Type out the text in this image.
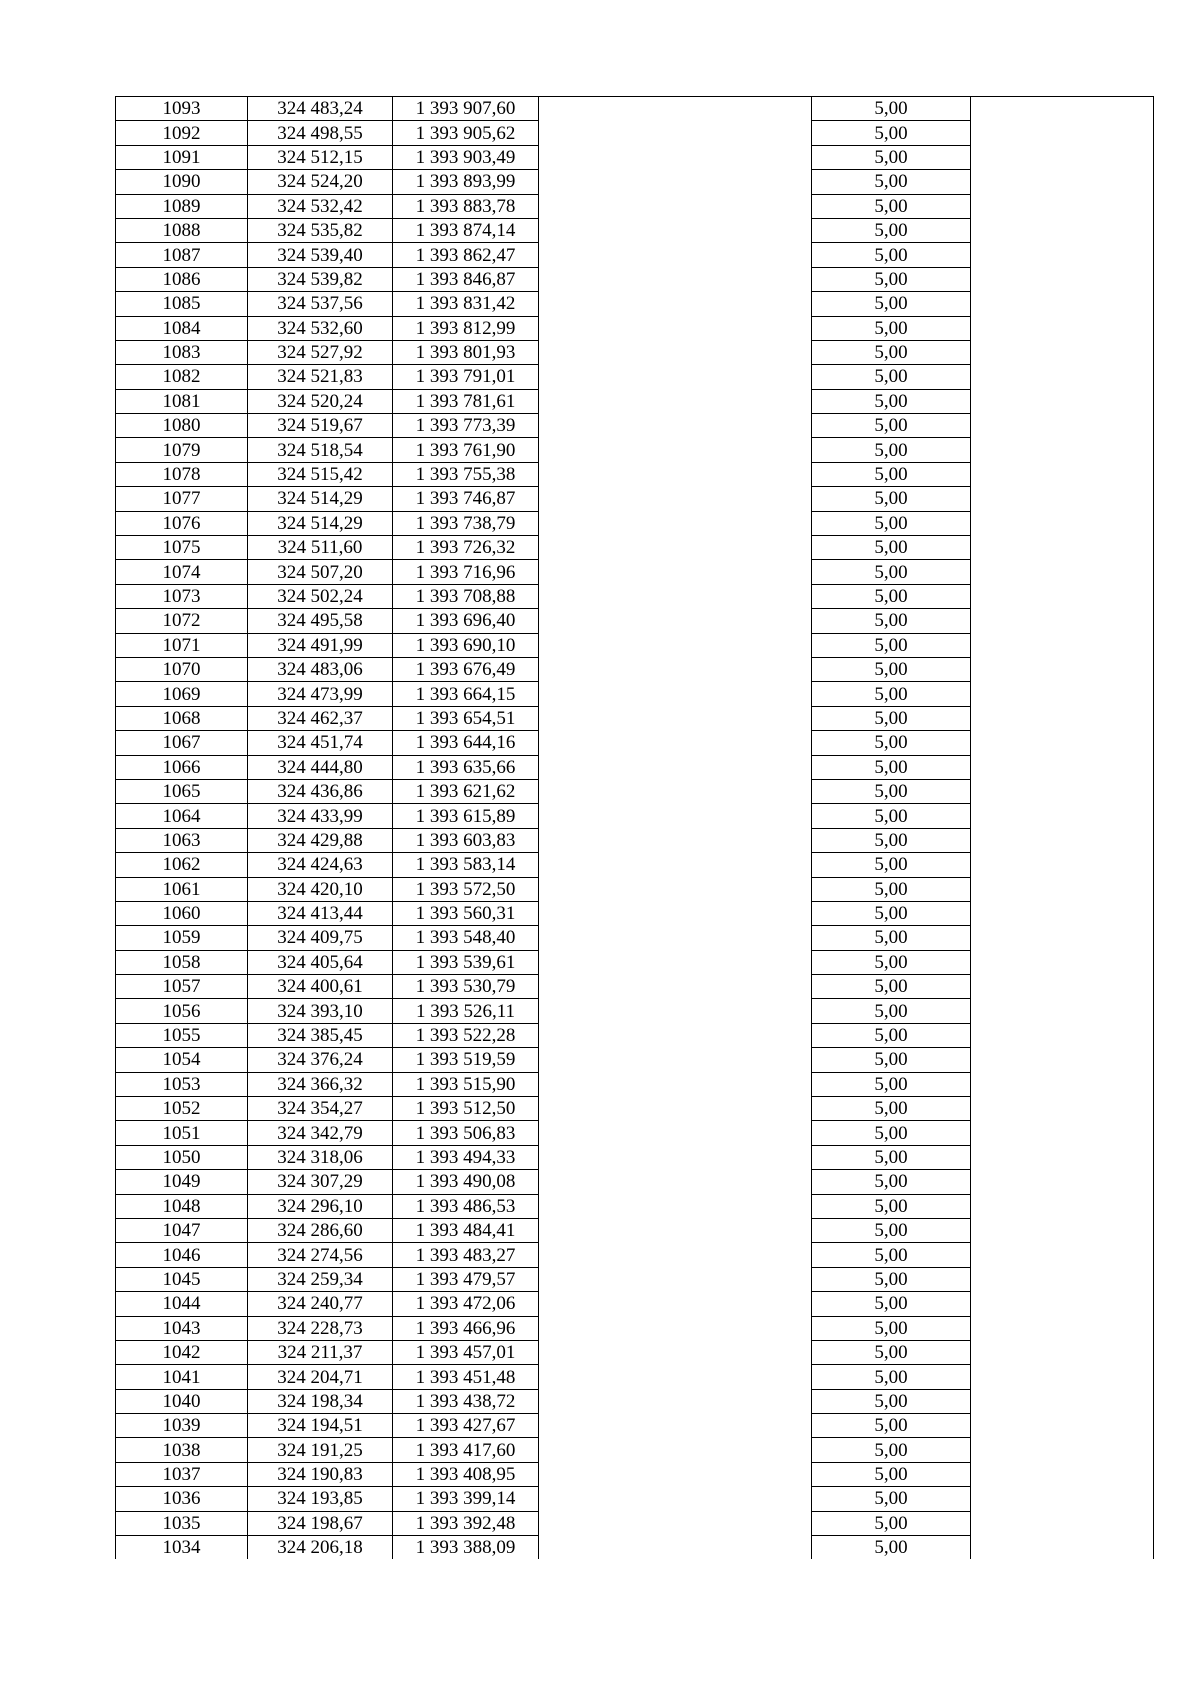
1093	324 483,24	1 393 907,60		5,00	
1092	324 498,55	1 393 905,62		5,00	
1091	324 512,15	1 393 903,49		5,00	
1090	324 524,20	1 393 893,99		5,00	
1089	324 532,42	1 393 883,78		5,00	
1088	324 535,82	1 393 874,14		5,00	
1087	324 539,40	1 393 862,47		5,00	
1086	324 539,82	1 393 846,87		5,00	
1085	324 537,56	1 393 831,42		5,00	
1084	324 532,60	1 393 812,99		5,00	
1083	324 527,92	1 393 801,93		5,00	
1082	324 521,83	1 393 791,01		5,00	
1081	324 520,24	1 393 781,61		5,00	
1080	324 519,67	1 393 773,39		5,00	
1079	324 518,54	1 393 761,90		5,00	
1078	324 515,42	1 393 755,38		5,00	
1077	324 514,29	1 393 746,87		5,00	
1076	324 514,29	1 393 738,79		5,00	
1075	324 511,60	1 393 726,32		5,00	
1074	324 507,20	1 393 716,96		5,00	
1073	324 502,24	1 393 708,88		5,00	
1072	324 495,58	1 393 696,40		5,00	
1071	324 491,99	1 393 690,10		5,00	
1070	324 483,06	1 393 676,49		5,00	
1069	324 473,99	1 393 664,15		5,00	
1068	324 462,37	1 393 654,51		5,00	
1067	324 451,74	1 393 644,16		5,00	
1066	324 444,80	1 393 635,66		5,00	
1065	324 436,86	1 393 621,62		5,00	
1064	324 433,99	1 393 615,89		5,00	
1063	324 429,88	1 393 603,83		5,00	
1062	324 424,63	1 393 583,14		5,00	
1061	324 420,10	1 393 572,50		5,00	
1060	324 413,44	1 393 560,31		5,00	
1059	324 409,75	1 393 548,40		5,00	
1058	324 405,64	1 393 539,61		5,00	
1057	324 400,61	1 393 530,79		5,00	
1056	324 393,10	1 393 526,11		5,00	
1055	324 385,45	1 393 522,28		5,00	
1054	324 376,24	1 393 519,59		5,00	
1053	324 366,32	1 393 515,90		5,00	
1052	324 354,27	1 393 512,50		5,00	
1051	324 342,79	1 393 506,83		5,00	
1050	324 318,06	1 393 494,33		5,00	
1049	324 307,29	1 393 490,08		5,00	
1048	324 296,10	1 393 486,53		5,00	
1047	324 286,60	1 393 484,41		5,00	
1046	324 274,56	1 393 483,27		5,00	
1045	324 259,34	1 393 479,57		5,00	
1044	324 240,77	1 393 472,06		5,00	
1043	324 228,73	1 393 466,96		5,00	
1042	324 211,37	1 393 457,01		5,00	
1041	324 204,71	1 393 451,48		5,00	
1040	324 198,34	1 393 438,72		5,00	
1039	324 194,51	1 393 427,67		5,00	
1038	324 191,25	1 393 417,60		5,00	
1037	324 190,83	1 393 408,95		5,00	
1036	324 193,85	1 393 399,14		5,00	
1035	324 198,67	1 393 392,48		5,00	
1034	324 206,18	1 393 388,09		5,00	
